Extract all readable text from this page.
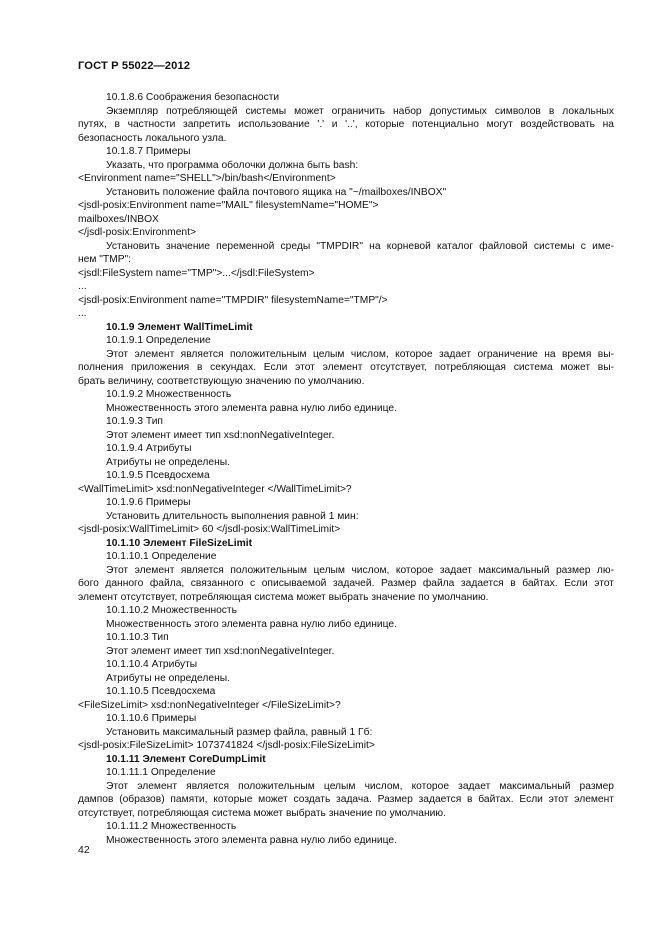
ГОСТ Р 55022—2012
10.1.8.6 Соображения безопасности
Экземпляр потребляющей системы может ограничить набор допустимых символов в локальных
путях, в частности запретить использование '.' и '..', которые потенциально могут воздействовать на
безопасность локального узла.
10.1.8.7 Примеры
Указать, что программа оболочки должна быть bash:
<Environment name="SHELL">/bin/bash</Environment>
Установить положение файла почтового ящика на "~/mailboxes/INBOX"
<jsdl-posix:Environment name="MAIL" filesystemName="HOME">
mailboxes/INBOX
</jsdl-posix:Environment>
Установить значение переменной среды "TMPDIR" на корневой каталог файловой системы с име-
нем "TMP":
<jsdl:FileSystem name="TMP">...</jsdl:FileSystem>
...
<jsdl-posix:Environment name="TMPDIR" filesystemName="TMP"/>
...
10.1.9 Элемент WallTimeLimit
10.1.9.1 Определение
Этот элемент является положительным целым числом, которое задает ограничение на время вы-
полнения приложения в секундах. Если этот элемент отсутствует, потребляющая система может вы-
брать величину, соответствующую значению по умолчанию.
10.1.9.2 Множественность
Множественность этого элемента равна нулю либо единице.
10.1.9.3 Тип
Этот элемент имеет тип xsd:nonNegativeInteger.
10.1.9.4 Атрибуты
Атрибуты не определены.
10.1.9.5 Псевдосхема
<WallTimeLimit> xsd:nonNegativeInteger </WallTimeLimit>?
10.1.9.6 Примеры
Установить длительность выполнения равной 1 мин:
<jsdl-posix:WallTimeLimit> 60 </jsdl-posix:WallTimeLimit>
10.1.10 Элемент FileSizeLimit
10.1.10.1 Определение
Этот элемент является положительным целым числом, которое задает максимальный размер лю-
бого данного файла, связанного с описываемой задачей. Размер файла задается в байтах. Если этот
элемент отсутствует, потребляющая система может выбрать значение по умолчанию.
10.1.10.2 Множественность
Множественность этого элемента равна нулю либо единице.
10.1.10.3 Тип
Этот элемент имеет тип xsd:nonNegativeInteger.
10.1.10.4 Атрибуты
Атрибуты не определены.
10.1.10.5 Псевдосхема
<FileSizeLimit> xsd:nonNegativeInteger </FileSizeLimit>?
10.1.10.6 Примеры
Установить максимальный размер файла, равный 1 Гб:
<jsdl-posix:FileSizeLimit> 1073741824 </jsdl-posix:FileSizeLimit>
10.1.11 Элемент CoreDumpLimit
10.1.11.1 Определение
Этот элемент является положительным целым числом, которое задает максимальный размер
дампов (образов) памяти, которые может создать задача. Размер задается в байтах. Если этот элемент
отсутствует, потребляющая система может выбрать значение по умолчанию.
10.1.11.2 Множественность
Множественность этого элемента равна нулю либо единице.
42
